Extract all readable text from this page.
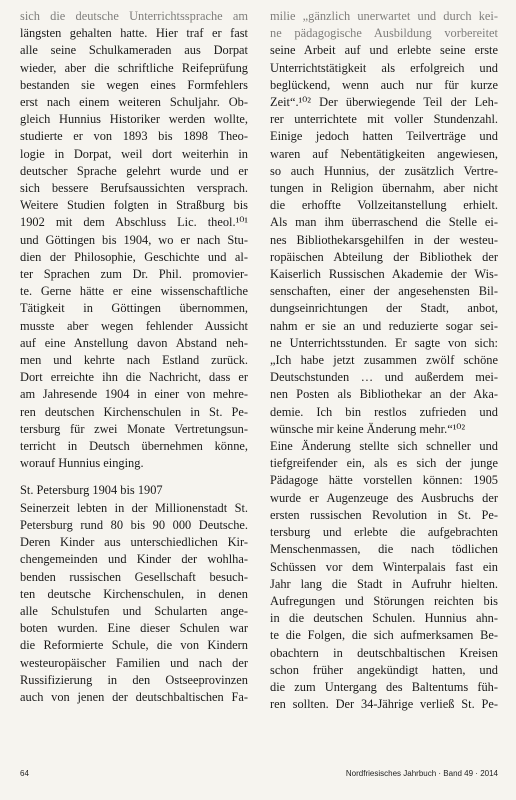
sich die deutsche Unterrichtssprache am
längsten gehalten hatte. Hier traf er fast
alle seine Schulkameraden aus Dorpat
wieder, aber die schriftliche Reifeprüfung
bestanden sie wegen eines Formfehlers
erst nach einem weiteren Schuljahr. Ob-
gleich Hunnius Historiker werden wollte,
studierte er von 1893 bis 1898 Theo-
logie in Dorpat, weil dort weiterhin in
deutscher Sprache gelehrt wurde und er
sich bessere Berufsaussichten versprach.
Weitere Studien folgten in Straßburg bis
1902 mit dem Abschluss Lic. theol.¹⁰¹
und Göttingen bis 1904, wo er nach Stu-
dien der Philosophie, Geschichte und al-
ter Sprachen zum Dr. Phil. promovier-
te. Gerne hätte er eine wissenschaftliche
Tätigkeit in Göttingen übernommen,
musste aber wegen fehlender Aussicht
auf eine Anstellung davon Abstand neh-
men und kehrte nach Estland zurück.
Dort erreichte ihn die Nachricht, dass er
am Jahresende 1904 in einer von mehre-
ren deutschen Kirchenschulen in St. Pe-
tersburg für zwei Monate Vertretungsun-
terricht in Deutsch übernehmen könne,
worauf Hunnius einging.
St. Petersburg 1904 bis 1907
Seinerzeit lebten in der Millionenstadt St.
Petersburg rund 80 bis 90 000 Deutsche.
Deren Kinder aus unterschiedlichen Kir-
chengemeinden und Kinder der wohlha-
benden russischen Gesellschaft besuch-
ten deutsche Kirchenschulen, in denen
alle Schulstufen und Schularten ange-
boten wurden. Eine dieser Schulen war
die Reformierte Schule, die von Kindern
westeuropäischer Familien und nach der
Russifizierung in den Ostseeprovinzen
auch von jenen der deutschbaltischen Fa-
milie „gänzlich unerwartet und durch kei-
ne pädagogische Ausbildung vorbereitet
seine Arbeit auf und erlebte seine erste
Unterrichtstätigkeit als erfolgreich und
beglückend, wenn auch nur für kurze
Zeit“.¹⁰² Der überwiegende Teil der Leh-
rer unterrichtete mit voller Stundenzahl.
Einige jedoch hatten Teilverträge und
waren auf Nebentätigkeiten angewiesen,
so auch Hunnius, der zusätzlich Vertre-
tungen in Religion übernahm, aber nicht
die erhoffte Vollzeitanstellung erhielt.
Als man ihm überraschend die Stelle ei-
nes Bibliothekarsgehilfen in der westeu-
ropäischen Abteilung der Bibliothek der
Kaiserlich Russischen Akademie der Wis-
senschaften, einer der angesehensten Bil-
dungseinrichtungen der Stadt, anbot,
nahm er sie an und reduzierte sogar sei-
ne Unterrichtsstunden. Er sagte von sich:
„Ich habe jetzt zusammen zwölf schöne
Deutschstunden … und außerdem mei-
nen Posten als Bibliothekar an der Aka-
demie. Ich bin restlos zufrieden und
wünsche mir keine Änderung mehr.“¹⁰²
Eine Änderung stellte sich schneller und
tiefgreifender ein, als es sich der junge
Pädagoge hätte vorstellen können: 1905
wurde er Augenzeuge des Ausbruchs der
ersten russischen Revolution in St. Pe-
tersburg und erlebte die aufgebrachten
Menschenmassen, die nach tödlichen
Schüssen vor dem Winterpalais fast ein
Jahr lang die Stadt in Aufruhr hielten.
Aufregungen und Störungen reichten bis
in die deutschen Schulen. Hunnius ahn-
te die Folgen, die sich aufmerksamen Be-
obachtern in deutschbaltischen Kreisen
schon früher angekündigt hatten, und
die zum Untergang des Baltentums füh-
ren sollten. Der 34-Jährige verließ St. Pe-
64	Nordfriesisches Jahrbuch · Band 49 · 2014
